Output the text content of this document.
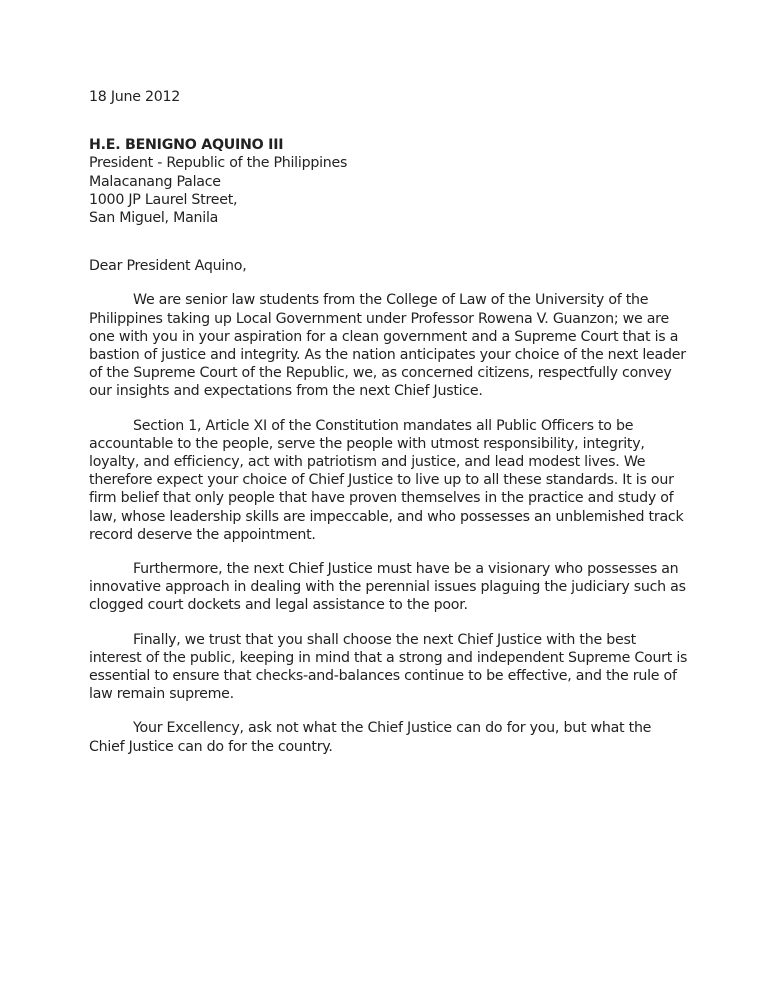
18 June 2012

H.E. BENIGNO AQUINO III

President - Republic of the Philippines

Malacanang Palace

1000 JP Laurel Street,

San Miguel, Manila

Dear President Aquino,

We are senior law students from the College of Law of the University of the Philippines taking up Local Government under Professor Rowena V. Guanzon; we are one with you in your aspiration for a clean government and a Supreme Court that is a bastion of justice and integrity. As the nation anticipates your choice of the next leader of the Supreme Court of the Republic, we, as concerned citizens, respectfully convey our insights and expectations from the next Chief Justice.

Section 1, Article XI of the Constitution mandates all Public Officers to be accountable to the people, serve the people with utmost responsibility, integrity, loyalty, and efficiency, act with patriotism and justice, and lead modest lives. We therefore expect your choice of Chief Justice to live up to all these standards. It is our firm belief that only people that have proven themselves in the practice and study of law, whose leadership skills are impeccable, and who possesses an unblemished track record deserve the appointment.

Furthermore, the next Chief Justice must have be a visionary who possesses an innovative approach in dealing with the perennial issues plaguing the judiciary such as clogged court dockets and legal assistance to the poor.

Finally, we trust that you shall choose the next Chief Justice with the best interest of the public, keeping in mind that a strong and independent Supreme Court is essential to ensure that checks-and-balances continue to be effective, and the rule of law remain supreme.

Your Excellency, ask not what the Chief Justice can do for you, but what the Chief Justice can do for the country.
